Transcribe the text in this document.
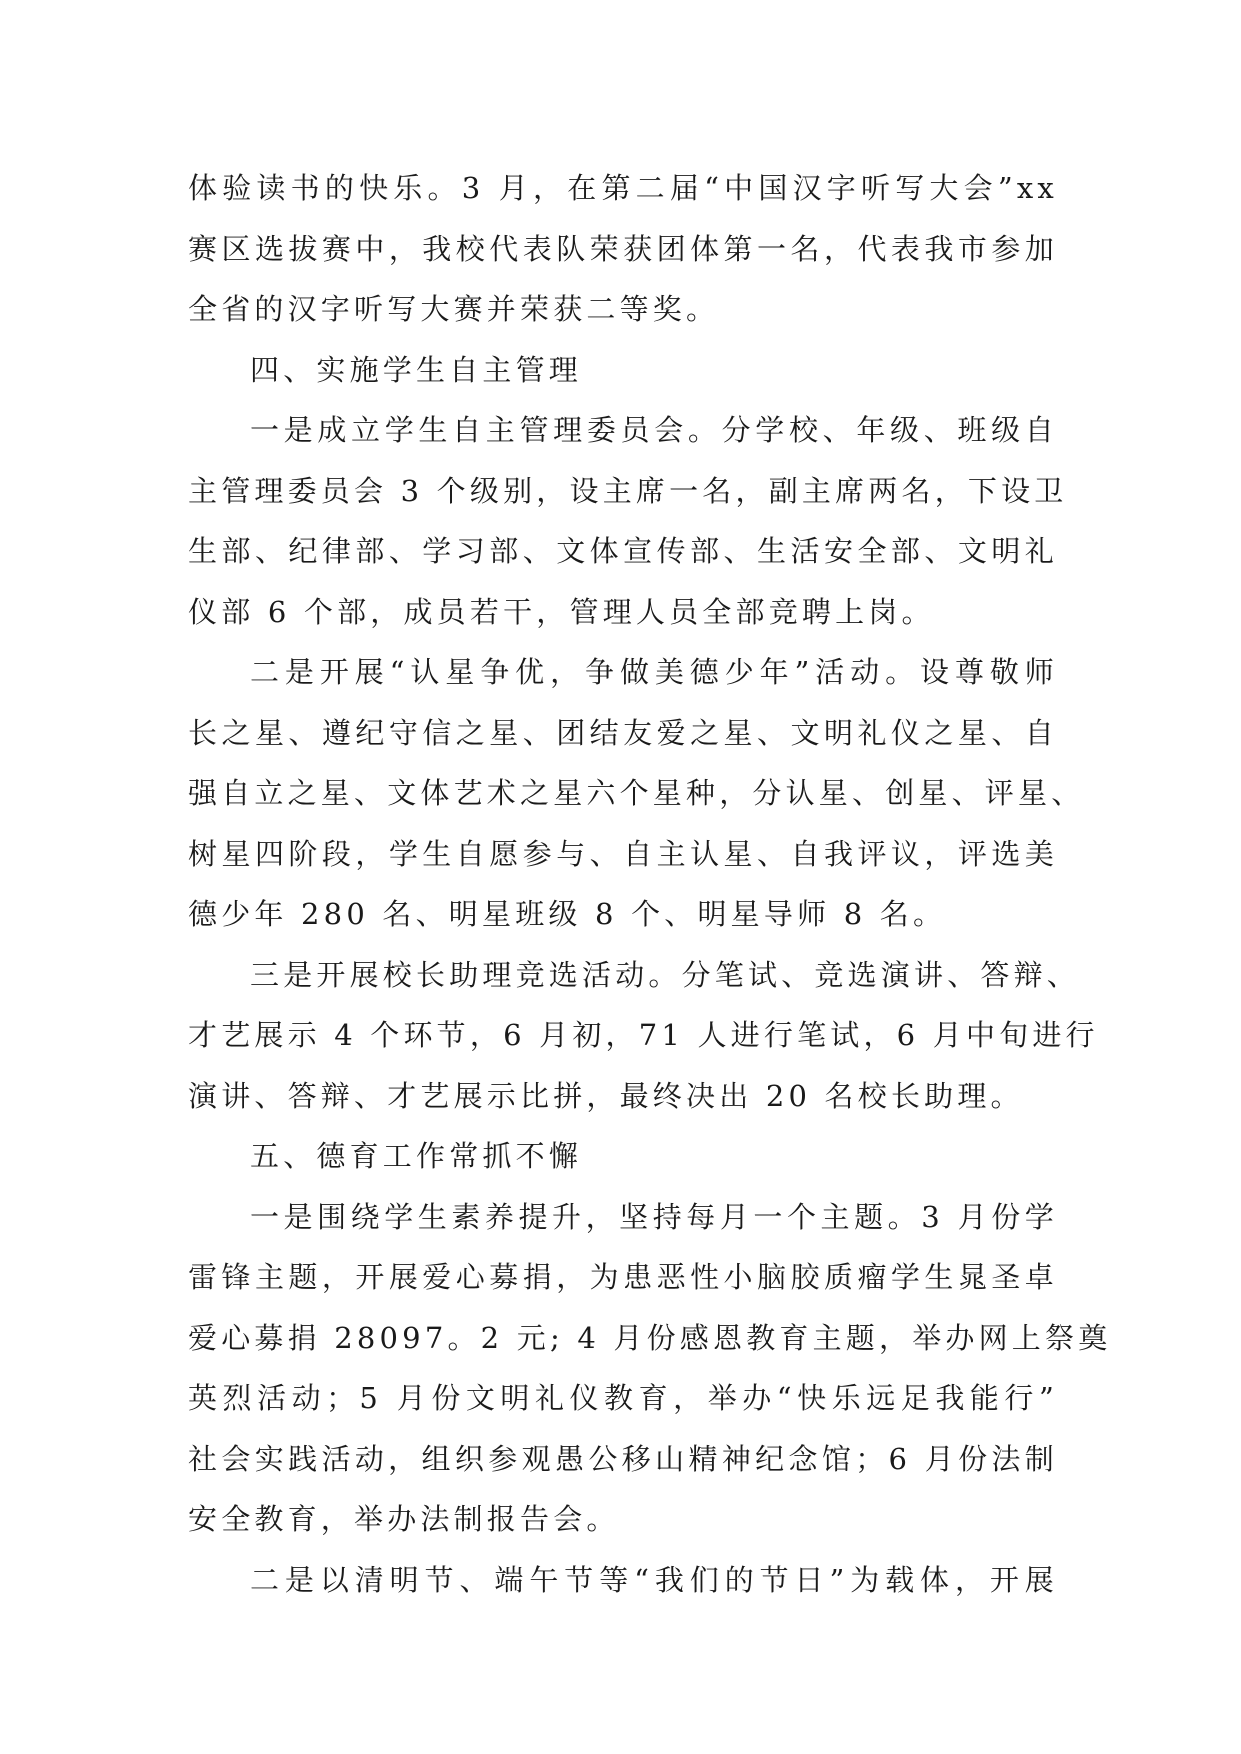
体验读书的快乐。3 月，在第二届“中国汉字听写大会”xx
赛区选拔赛中，我校代表队荣获团体第一名，代表我市参加
全省的汉字听写大赛并荣获二等奖。
四、实施学生自主管理
一是成立学生自主管理委员会。分学校、年级、班级自
主管理委员会 3 个级别，设主席一名，副主席两名，下设卫
生部、纪律部、学习部、文体宣传部、生活安全部、文明礼
仪部 6 个部，成员若干，管理人员全部竞聘上岗。
二是开展“认星争优，争做美德少年”活动。设尊敬师
长之星、遵纪守信之星、团结友爱之星、文明礼仪之星、自
强自立之星、文体艺术之星六个星种，分认星、创星、评星、
树星四阶段，学生自愿参与、自主认星、自我评议，评选美
德少年 280 名、明星班级 8 个、明星导师 8 名。
三是开展校长助理竞选活动。分笔试、竞选演讲、答辩、
才艺展示 4 个环节，6 月初，71 人进行笔试，6 月中旬进行
演讲、答辩、才艺展示比拼，最终决出 20 名校长助理。
五、德育工作常抓不懈
一是围绕学生素养提升，坚持每月一个主题。3 月份学
雷锋主题，开展爱心募捐，为患恶性小脑胶质瘤学生晁圣卓
爱心募捐 28097。2 元; 4 月份感恩教育主题，举办网上祭奠
英烈活动；5 月份文明礼仪教育，举办“快乐远足我能行”
社会实践活动，组织参观愚公移山精神纪念馆；6 月份法制
安全教育，举办法制报告会。
二是以清明节、端午节等“我们的节日”为载体，开展
